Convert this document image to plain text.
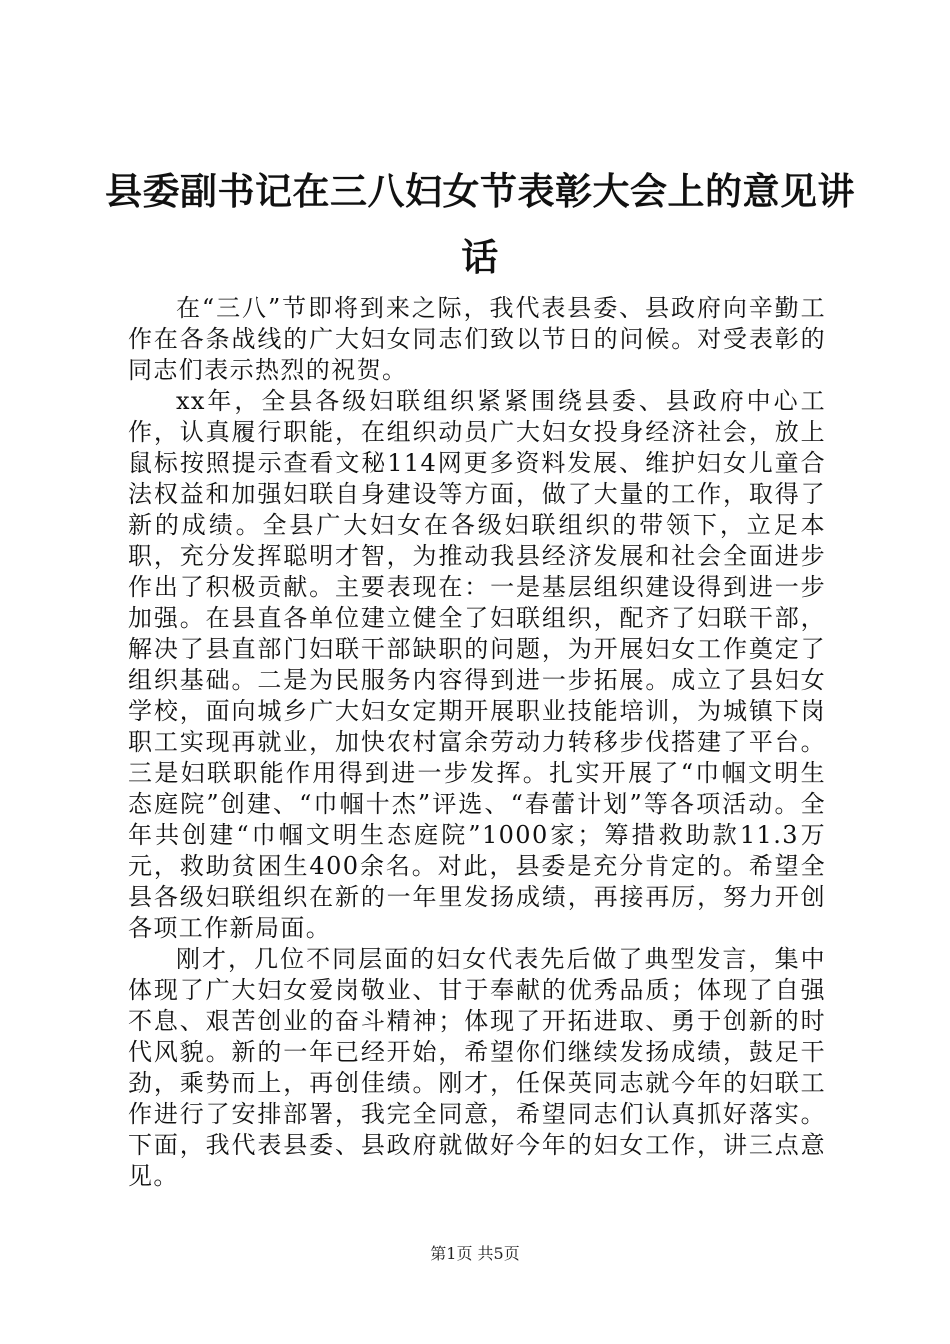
县委副书记在三八妇女节表彰大会上的意见讲话

在“三八”节即将到来之际，我代表县委、县政府向辛勤工作在各条战线的广大妇女同志们致以节日的问候。对受表彰的同志们表示热烈的祝贺。

xx年，全县各级妇联组织紧紧围绕县委、县政府中心工作，认真履行职能，在组织动员广大妇女投身经济社会，放上鼠标按照提示查看文秘114网更多资料发展、维护妇女儿童合法权益和加强妇联自身建设等方面，做了大量的工作，取得了新的成绩。全县广大妇女在各级妇联组织的带领下，立足本职，充分发挥聪明才智，为推动我县经济发展和社会全面进步作出了积极贡献。主要表现在：一是基层组织建设得到进一步加强。在县直各单位建立健全了妇联组织，配齐了妇联干部，解决了县直部门妇联干部缺职的问题，为开展妇女工作奠定了组织基础。二是为民服务内容得到进一步拓展。成立了县妇女学校，面向城乡广大妇女定期开展职业技能培训，为城镇下岗职工实现再就业，加快农村富余劳动力转移步伐搭建了平台。三是妇联职能作用得到进一步发挥。扎实开展了“巾帼文明生态庭院”创建、“巾帼十杰”评选、“春蕾计划”等各项活动。全年共创建“巾帼文明生态庭院”1000家；筹措救助款11.3万元，救助贫困生400余名。对此，县委是充分肯定的。希望全县各级妇联组织在新的一年里发扬成绩，再接再厉，努力开创各项工作新局面。

刚才，几位不同层面的妇女代表先后做了典型发言，集中体现了广大妇女爱岗敬业、甘于奉献的优秀品质；体现了自强不息、艰苦创业的奋斗精神；体现了开拓进取、勇于创新的时代风貌。新的一年已经开始，希望你们继续发扬成绩，鼓足干劲，乘势而上，再创佳绩。刚才，任保英同志就今年的妇联工作进行了安排部署，我完全同意，希望同志们认真抓好落实。下面，我代表县委、县政府就做好今年的妇女工作，讲三点意见。

第1页 共5页
